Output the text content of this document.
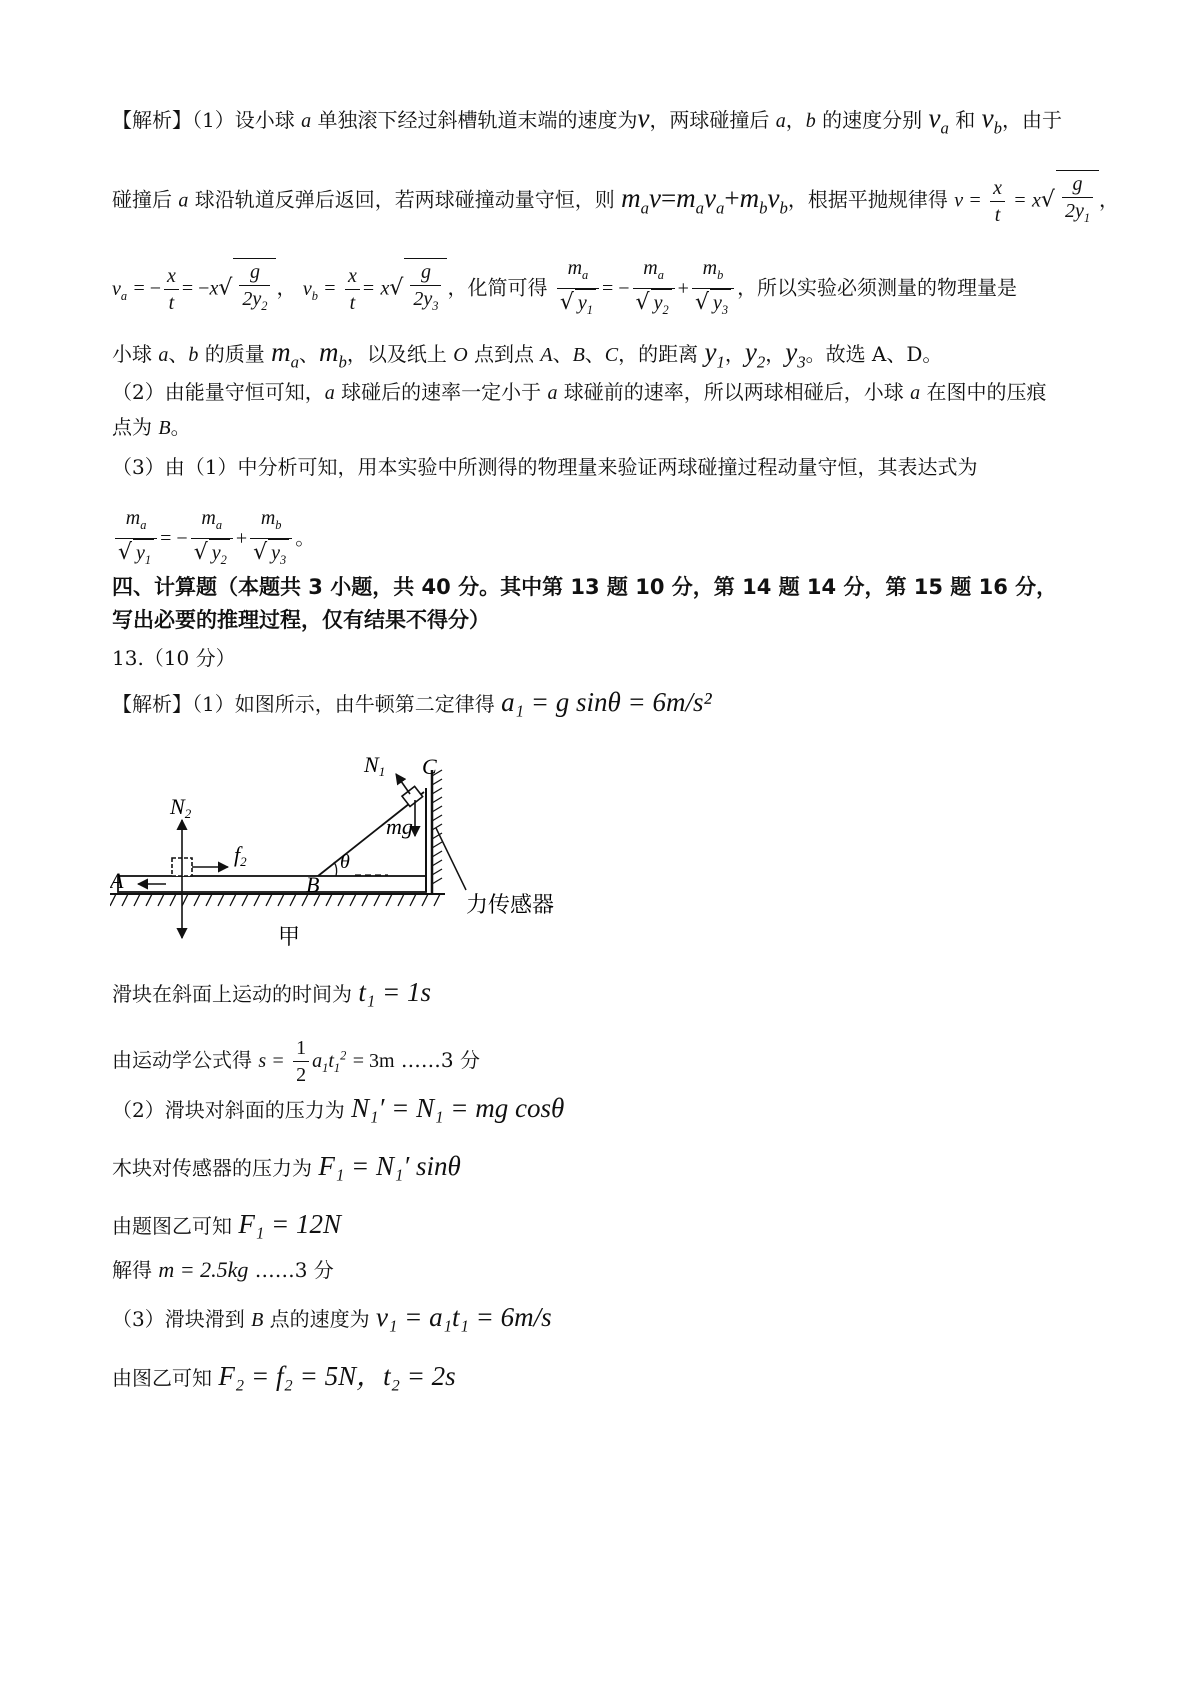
【解析】（1）设小球 a 单独滚下经过斜槽轨道末端的速度为v，两球碰撞后 a，b 的速度分别 $v_a$ 和 $v_b$，由于
碰撞后 a 球沿轨道反弹后返回，若两球碰撞动量守恒，则 $m_av=m_av_a+m_bv_b$，根据平抛规律得 $v = \frac{x}{t} = x√ \frac{g}{2y_1}$ ，
$v_a$ = − $\frac{x}{t} = -x√ \frac{g}{2y_2}$ ， $v_b = \frac{x}{t} = x√ \frac{g}{2y_3}$ ，化简可得 $\frac{m_a}{√ y_1}$ = − $\frac{m_a}{√ y_2} + \frac{m_b}{√ y_3}$ ，所以实验必须测量的物理量是
小球 a、b 的质量 $m_a$、$m_b$，以及纸上 O 点到点 A、B、C，的距离 $y_1$，$y_2$，$y_3$。故选 A、D。
（2）由能量守恒可知，a 球碰后的速率一定小于 a 球碰前的速率，所以两球相碰后，小球 a 在图中的压痕
点为 B。
（3）由（1）中分析可知，用本实验中所测得的物理量来验证两球碰撞过程动量守恒，其表达式为
$\frac{m_a}{√ y_1}$ = − $\frac{m_a}{√ y_2} + \frac{m_b}{√ y_3}$ 。
四、计算题（本题共 3 小题，共 40 分。其中第 13 题 10 分，第 14 题 14 分，第 15 题 16 分，
写出必要的推理过程，仅有结果不得分）
13.（10 分）
【解析】（1）如图所示，由牛顿第二定律得 a₁ = g sinθ = 6m/s²
N1 C
mg
N2
f2	θ
A	B
力传感器
甲
滑块在斜面上运动的时间为 t₁ = 1s
由运动学公式得 $s = \frac{1}{2} a_1t_1^2 = 3m$ ……3 分
（2）滑块对斜面的压力为 N₁′ = N₁ = mg cosθ
木块对传感器的压力为 F₁ = N₁′ sinθ
由题图乙可知 F₁ = 12N
解得 m = 2.5kg ……3 分
（3）滑块滑到 B 点的速度为 v₁ = a₁t₁ = 6m/s
由图乙可知 F₂ = f₂ = 5N，t₂ = 2s
